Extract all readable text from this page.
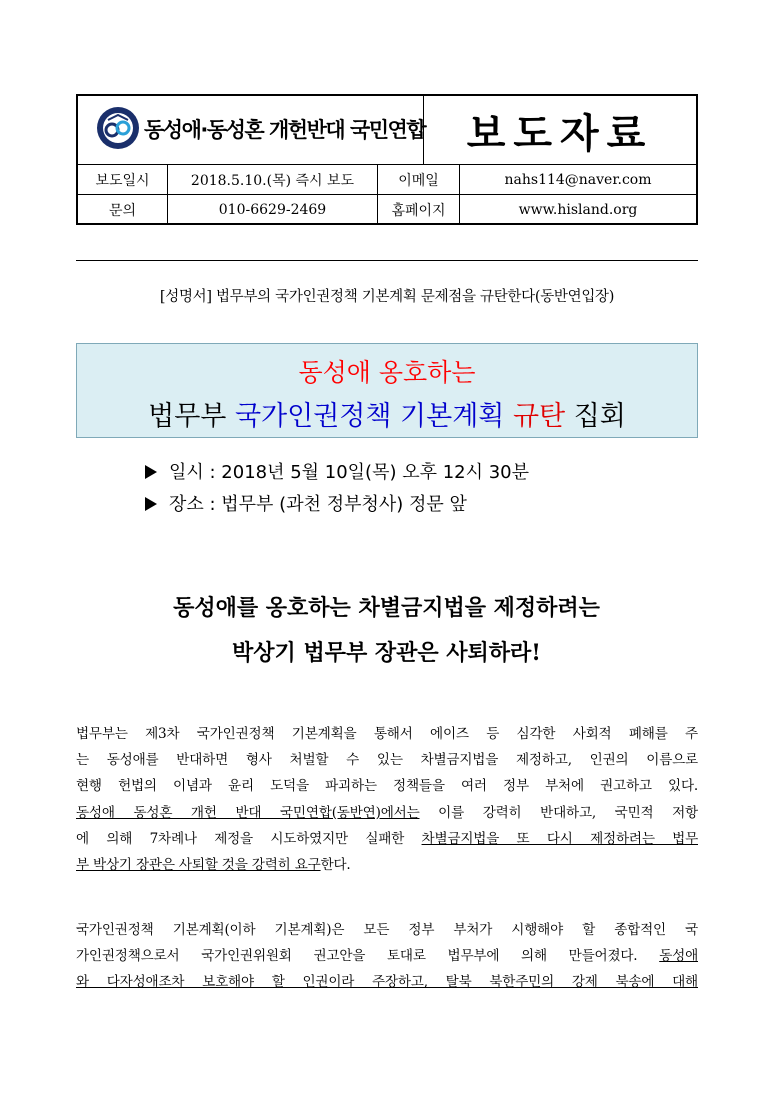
동성애·동성혼 개헌반대 국민연합 보도자료
보도일시	2018.5.10.(목) 즉시 보도	이메일	nahs114@naver.com
문의	010-6629-2469	홈페이지	www.hisland.org
[성명서] 법무부의 국가인권정책 기본계획 문제점을 규탄한다(동반연입장)
동성애 옹호하는
법무부 국가인권정책 기본계획 규탄 집회
일시 : 2018년 5월 10일(목) 오후 12시 30분
장소 : 법무부 (과천 정부청사) 정문 앞
동성애를 옹호하는 차별금지법을 제정하려는
박상기 법무부 장관은 사퇴하라!
법무부는 제3차 국가인권정책 기본계획을 통해서 에이즈 등 심각한 사회적 폐해를 주
는 동성애를 반대하면 형사 처벌할 수 있는 차별금지법을 제정하고, 인권의 이름으로
현행 헌법의 이념과 윤리 도덕을 파괴하는 정책들을 여러 정부 부처에 권고하고 있다.
동성애 동성혼 개헌 반대 국민연합(동반연)에서는 이를 강력히 반대하고, 국민적 저항
에 의해 7차례나 제정을 시도하였지만 실패한 차별금지법을 또 다시 제정하려는 법무
부 박상기 장관은 사퇴할 것을 강력히 요구한다.
국가인권정책 기본계획(이하 기본계획)은 모든 정부 부처가 시행해야 할 종합적인 국
가인권정책으로서 국가인권위원회 권고안을 토대로 법무부에 의해 만들어졌다. 동성애
와 다자성애조차 보호해야 할 인권이라 주장하고, 탈북 북한주민의 강제 북송에 대해
